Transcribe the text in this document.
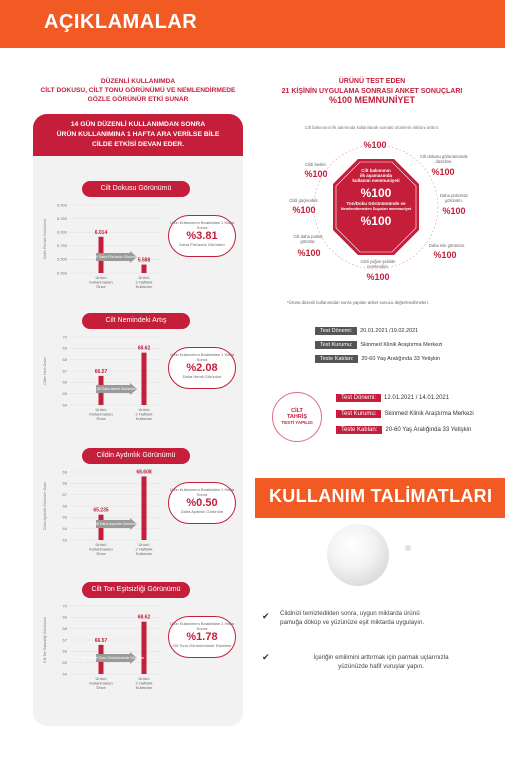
AÇIKLAMALAR
DÜZENLİ KULLANIMDA
CİLT DOKUSU, CİLT TONU GÖRÜNÜMÜ VE NEMLENDİRMEDE
GÖZLE GÖRÜNÜR ETKİ SUNAR
ÜRÜNÜ TEST EDEN
21 KİŞİNİN UYGULAMA SONRASI ANKET SONUÇLARI
%100 MEMNUNİYET
14 GÜN DÜZENLİ KULLANIMDAN SONRA
ÜRÜN KULLANIMINA 1 HAFTA ARA VERİLSE BİLE
CİLDE ETKİSİ DEVAN EDER.
Cilt Dokusu Görünümü
Cildin Pürüzlü Görünümü
6.500
6.250
6.000
5.750
5.500
5.460
6.014
Ürünü
Kullanmadan
Önce
5.588
Ürünü
2 Haftalık
Kullanımı
%6.89 Daha Pürüzsüz Görünüm
Ürün Kullanımını Bıraktıktan 1 Hafta Sonra
%3.81
Daha Pürüzsüz Görünüm
Cilt Nemindeki Artış
Cildin Nem Oranı
70
69
68
67
66
65
64
66.57
Ürünü
Kullanmadan
Önce
68.62
Ürünü
2 Haftalık
Kullanımı
%3.36 Daha Nemli Görünüm
Ürün Kullanımını Bıraktıktan 1 Hafta Sonra
%2.08
Daha Nemli Görünüm
Cildin Aydınlık Görünümü
Cildin Aydınlık Görünüm Oranı
69
68
67
66
65
64
63
65.235
Ürünü
Kullanmadan
Önce
68.608
Ürünü
2 Haftalık
Kullanımı
%0.58 Daha Aydınlık Görünüm
Ürün Kullanımını Bıraktıktan 1 Hafta Sonra
%0.50
Daha Aydınlık Görünüm
Cilt Ton Eşitsizliği Görünümü
Cilt Ton Eşitsizliği Görünümü
70
69
68
67
66
65
64
66.57
Ürünü
Kullanmadan
Önce
68.62
Ürünü
2 Haftalık
Kullanımı
%2.15 Cilt Tonu Görünümünde Düzelme
Ürün Kullanımını Bıraktıktan 1 Hafta Sonra
%1.78
Cilt Tonu Görünümünde Düzelme
Cilt bakımının ilk adımında kullanılarak sonraki ürünlerin etkisini arttırır.
Cilt bakımının
ilk aşamasında
kullanım memnuniyeti
%100
Ton/Doku Görünümünde ve
Nemlendirmeden Duyulan memnuniyet
%100
%100
Cildi besler.
%100
Cilt dokusu görünümünde düzelme.
%100
Cildi güçlendirir.
%100
Daha pürüzsüz görünüm.
%100
Cilt daha parlak görünür.
%100
Daha sıkı görünüm.
%100
Cildi yoğun şekilde nemlendirir.
%100
*Ürünü düzenli kullanımdan sonra yapılan anket sonucu değerlendirmeleri.
Test Dönemi: 20.01.2021 /19.02.2021
Test Kurumu: Skinmed Klinik Araştırma Merkezi
Teste Katılan: 20-60 Yaş Aralığında 33 Yetişkin
CİLT
TAHRİŞ
TESTİ YAPILDI
Test Dönemi: 12.01.2021 / 14.01.2021
Test Kurumu: Skinmed Klinik Araştırma Merkezi
Teste Katılan: 20-60 Yaş Aralığında 33 Yetişkin
KULLANIM TALİMATLARI
✔ Cildinizi temizledikten sonra, uygun miktarda ürünü
pamuğa döküp ve yüzünüze eşit miktarda uygulayın.
✔	İçeriğin emilimini arttırmak için parmak uçlarınızla
yüzünüzde hafif vuruşlar yapın.
